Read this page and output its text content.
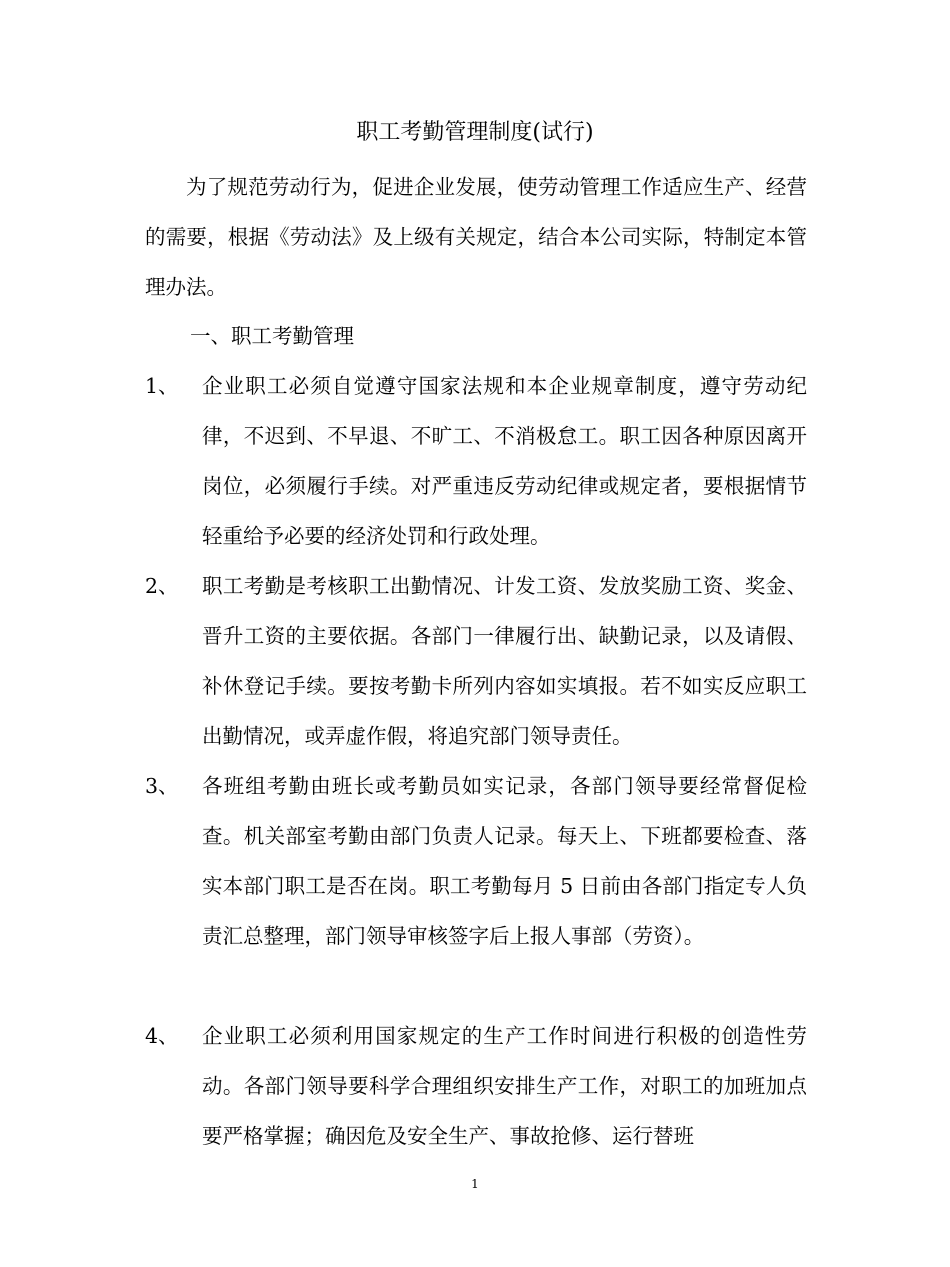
职工考勤管理制度(试行)
为了规范劳动行为，促进企业发展，使劳动管理工作适应生产、经营的需要，根据《劳动法》及上级有关规定，结合本公司实际，特制定本管理办法。
一、职工考勤管理
1、	企业职工必须自觉遵守国家法规和本企业规章制度，遵守劳动纪律，不迟到、不早退、不旷工、不消极怠工。职工因各种原因离开岗位，必须履行手续。对严重违反劳动纪律或规定者，要根据情节轻重给予必要的经济处罚和行政处理。
2、	职工考勤是考核职工出勤情况、计发工资、发放奖励工资、奖金、晋升工资的主要依据。各部门一律履行出、缺勤记录，以及请假、补休登记手续。要按考勤卡所列内容如实填报。若不如实反应职工出勤情况，或弄虚作假，将追究部门领导责任。
3、	各班组考勤由班长或考勤员如实记录，各部门领导要经常督促检查。机关部室考勤由部门负责人记录。每天上、下班都要检查、落实本部门职工是否在岗。职工考勤每月 5 日前由各部门指定专人负责汇总整理，部门领导审核签字后上报人事部（劳资）。
4、	企业职工必须利用国家规定的生产工作时间进行积极的创造性劳动。各部门领导要科学合理组织安排生产工作，对职工的加班加点要严格掌握；确因危及安全生产、事故抢修、运行替班
1
